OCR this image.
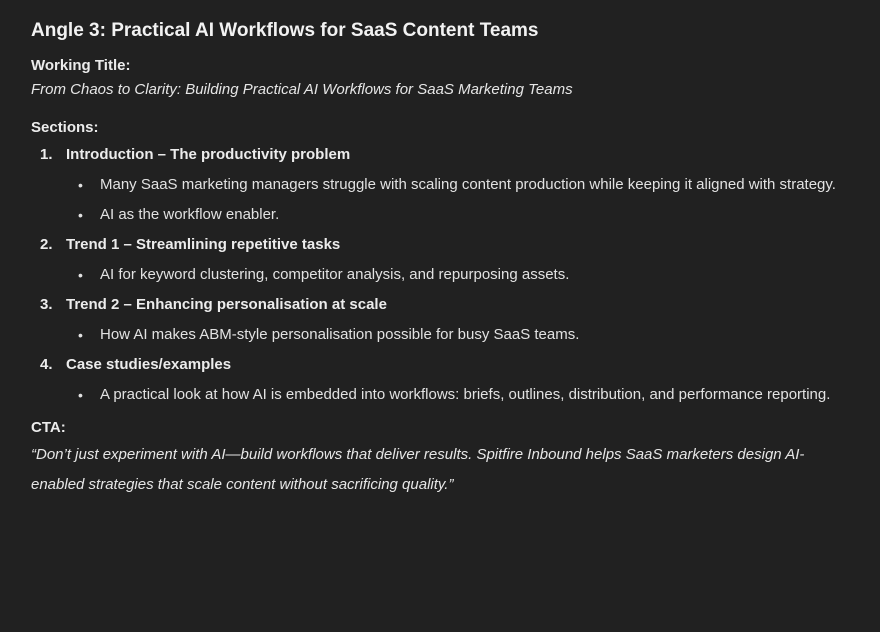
Angle 3: Practical AI Workflows for SaaS Content Teams
Working Title:
From Chaos to Clarity: Building Practical AI Workflows for SaaS Marketing Teams
Sections:
1. Introduction – The productivity problem
• Many SaaS marketing managers struggle with scaling content production while keeping it aligned with strategy.
• AI as the workflow enabler.
2. Trend 1 – Streamlining repetitive tasks
• AI for keyword clustering, competitor analysis, and repurposing assets.
3. Trend 2 – Enhancing personalisation at scale
• How AI makes ABM-style personalisation possible for busy SaaS teams.
4. Case studies/examples
• A practical look at how AI is embedded into workflows: briefs, outlines, distribution, and performance reporting.
CTA:
“Don’t just experiment with AI—build workflows that deliver results. Spitfire Inbound helps SaaS marketers design AI-enabled strategies that scale content without sacrificing quality.”
